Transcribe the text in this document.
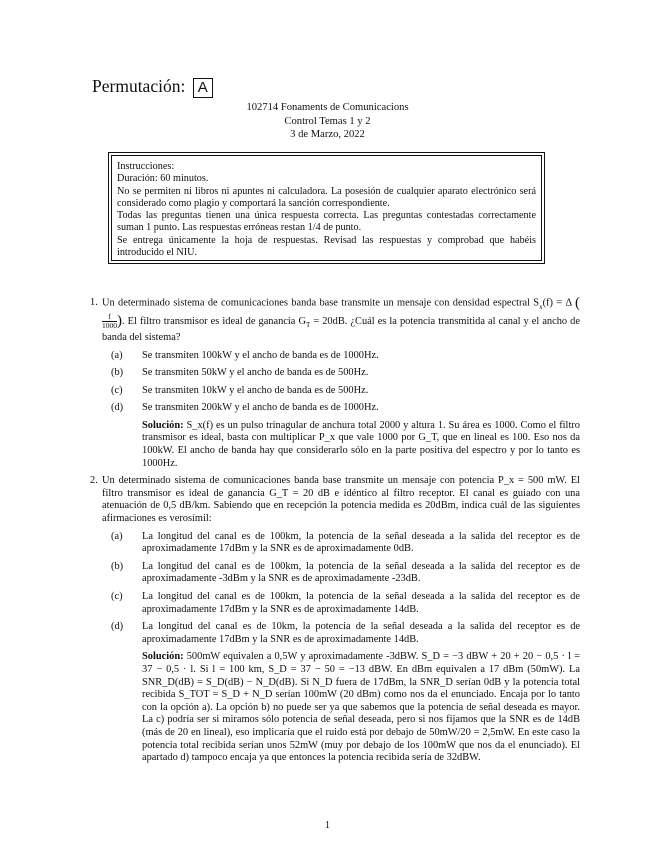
Permutación: A
102714 Fonaments de Comunicacions
Control Temas 1 y 2
3 de Marzo, 2022

Instrucciones:

Duración: 60 minutos.

No se permiten ni libros ni apuntes ni calculadora. La posesión de cualquier aparato electrónico será considerado como plagio y comportará la sanción correspondiente.

Todas las preguntas tienen una única respuesta correcta. Las preguntas contestadas correctamente suman 1 punto. Las respuestas erróneas restan 1/4 de punto.

Se entrega únicamente la hoja de respuestas. Revisad las respuestas y comprobad que habéis introducido el NIU.

1. Un determinado sistema de comunicaciones banda base transmite un mensaje con densidad espectral $S_x(f) = \Delta$ (
$\frac{f}{1000}$ ). El filtro transmisor es ideal de ganancia $G_T = 20dB$. ¿Cuál es la potencia transmitida al canal y el ancho de banda del sistema?
(a) Se transmiten 100kW y el ancho de banda es de 1000Hz.
(b) Se transmiten 50kW y el ancho de banda es de 500Hz.
(c) Se transmiten 10kW y el ancho de banda es de 500Hz.
(d) Se transmiten 200kW y el ancho de banda es de 1000Hz.
Solución: S_x(f) es un pulso trinagular de anchura total 2000 y altura 1. Su área es 1000. Como el filtro transmisor es ideal, basta con multiplicar P_x que vale 1000 por G_T, que en lineal es 100. Eso nos da 100kW. El ancho de banda hay que considerarlo sólo en la parte positiva del espectro y por lo tanto es 1000Hz.
2. Un determinado sistema de comunicaciones banda base transmite un mensaje con potencia P_x = 500 mW. El filtro transmisor es ideal de ganancia G_T = 20 dB e idéntico al filtro receptor. El canal es guiado con una atenuación de 0,5 dB/km. Sabiendo que en recepción la potencia medida es 20dBm, indica cuál de las siguientes afirmaciones es verosímil:
(a) La longitud del canal es de 100km, la potencia de la señal deseada a la salida del receptor es de aproximadamente 17dBm y la SNR es de aproximadamente 0dB.
(b) La longitud del canal es de 100km, la potencia de la señal deseada a la salida del receptor es de aproximadamente -3dBm y la SNR es de aproximadamente -23dB.
(c) La longitud del canal es de 100km, la potencia de la señal deseada a la salida del receptor es de aproximadamente 17dBm y la SNR es de aproximadamente 14dB.
(d) La longitud del canal es de 10km, la potencia de la señal deseada a la salida del receptor es de aproximadamente 17dBm y la SNR es de aproximadamente 14dB.
Solución: 500mW equivalen a 0,5W y aproximadamente -3dBW. S_D = −3 dBW + 20 + 20 − 0,5 · l = 37 − 0,5 · l. Si l = 100 km, S_D = 37 − 50 = −13 dBW. En dBm equivalen a 17 dBm (50mW). La SNR_D(dB) = S_D(dB) − N_D(dB). Si N_D fuera de 17dBm, la SNR_D serían 0dB y la potencia total recibida S_TOT = S_D + N_D serían 100mW (20 dBm) como nos da el enunciado. Encaja por lo tanto con la opción a). La opción b) no puede ser ya que sabemos que la potencia de señal deseada es mayor. La c) podría ser si miramos sólo potencia de señal deseada, pero si nos fijamos que la SNR es de 14dB (más de 20 en lineal), eso implicaría que el ruido está por debajo de 50mW/20 = 2,5mW. En este caso la potencia total recibida serían unos 52mW (muy por debajo de los 100mW que nos da el enunciado). El apartado d) tampoco encaja ya que entonces la potencia recibida sería de 32dBW.
1
